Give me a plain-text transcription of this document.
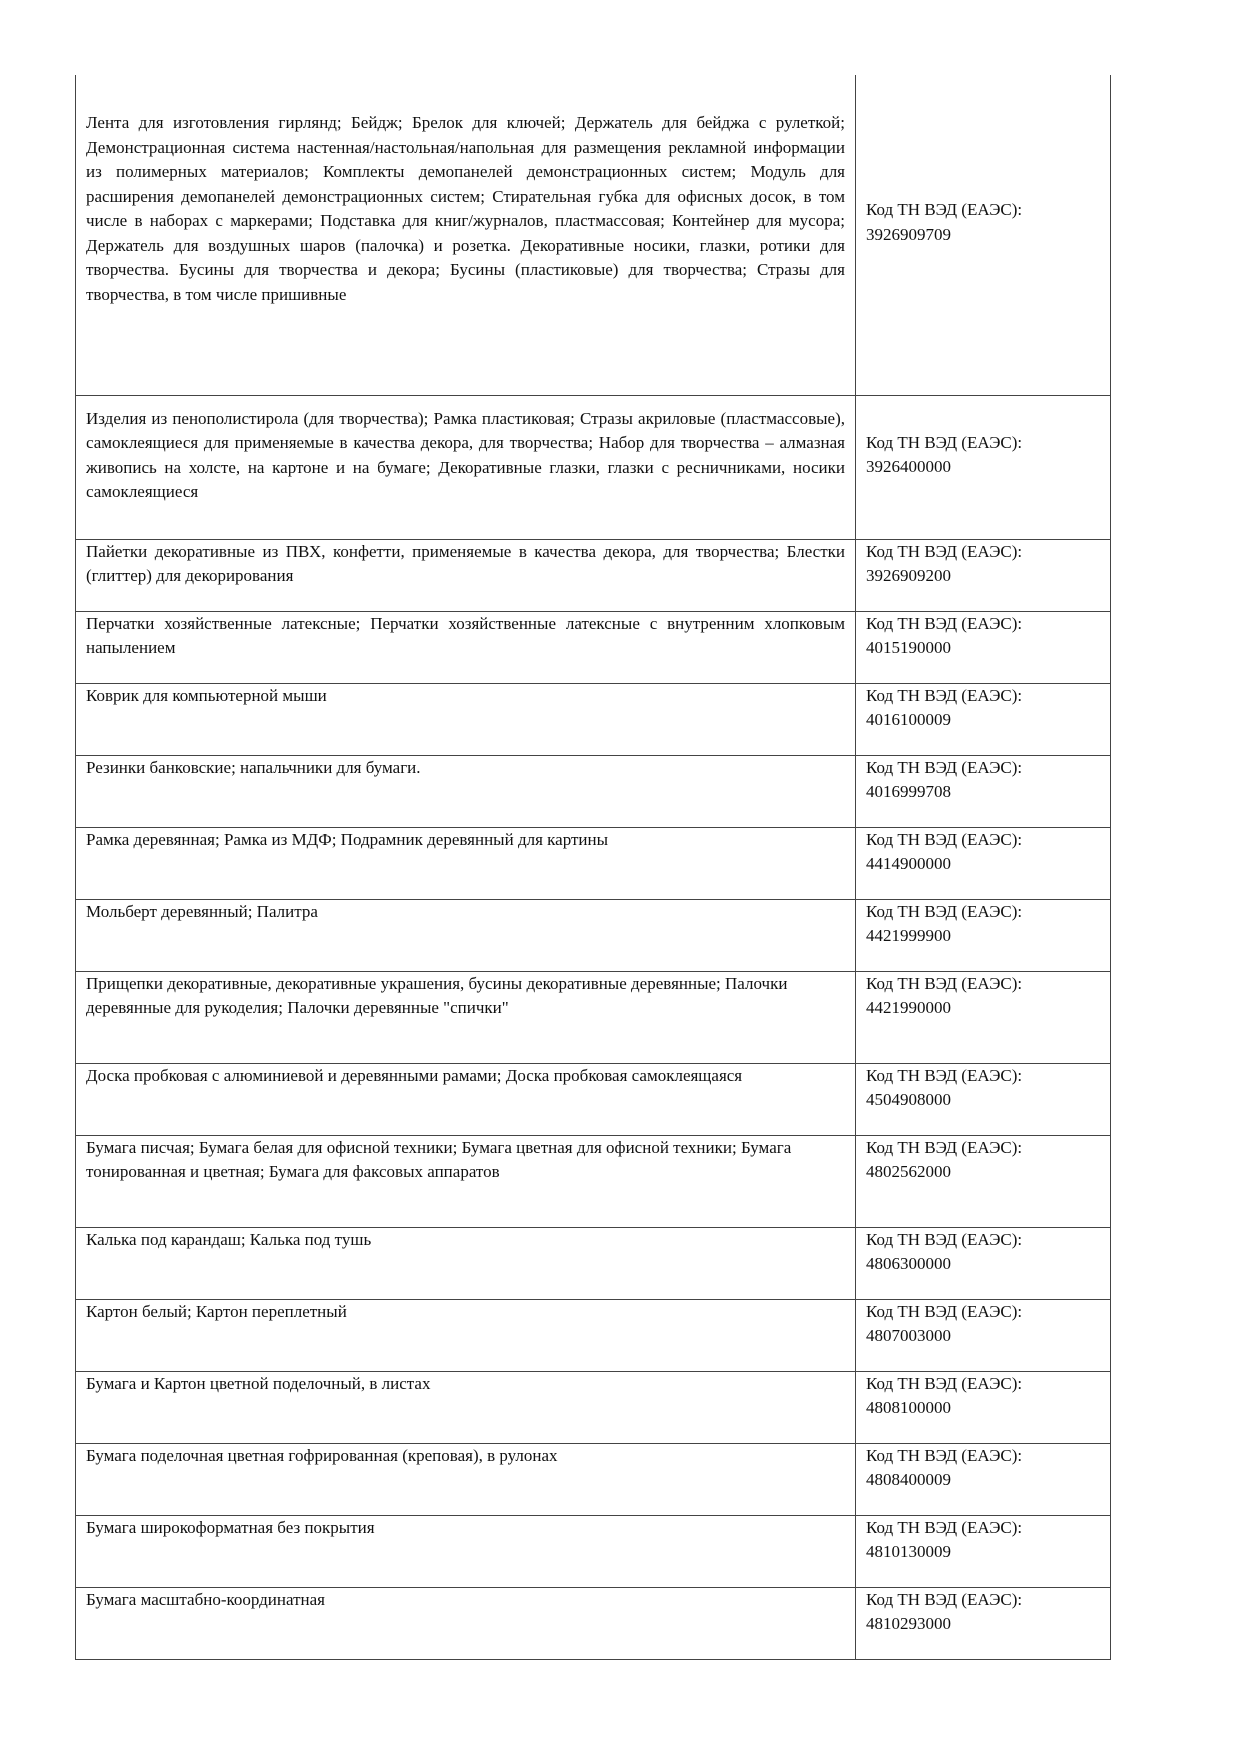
Лента для изготовления гирлянд; Бейдж; Брелок для ключей; Держатель для бейджа с рулеткой; Демонстрационная система настенная/настольная/напольная для размещения рекламной информации из полимерных материалов; Комплекты демопанелей демонстрационных систем; Модуль для расширения демопанелей демонстрационных систем; Стирательная губка для офисных досок, в том числе в наборах с маркерами; Подставка для книг/журналов, пластмассовая; Контейнер для мусора; Держатель для воздушных шаров (палочка) и розетка. Декоративные носики, глазки, ротики для творчества. Бусины для творчества и декора; Бусины (пластиковые) для творчества; Стразы для творчества, в том числе пришивные	Код ТН ВЭД (ЕАЭС):
3926909709

Изделия из пенополистирола (для творчества); Рамка пластиковая; Стразы акриловые (пластмассовые), самоклеящиеся для применяемые в качества декора, для творчества; Набор для творчества – алмазная живопись на холсте, на картоне и на бумаге; Декоративные глазки, глазки с ресничниками, носики самоклеящиеся	Код ТН ВЭД (ЕАЭС):
3926400000

Пайетки декоративные из ПВХ, конфетти, применяемые в качества декора, для творчества; Блестки (глиттер) для декорирования	Код ТН ВЭД (ЕАЭС):
3926909200

Перчатки хозяйственные латексные; Перчатки хозяйственные латексные с внутренним хлопковым напылением	Код ТН ВЭД (ЕАЭС):
4015190000

Коврик для компьютерной мыши	Код ТН ВЭД (ЕАЭС):
4016100009

Резинки банковские; напальчники для бумаги.	Код ТН ВЭД (ЕАЭС):
4016999708

Рамка деревянная; Рамка из МДФ; Подрамник деревянный для картины	Код ТН ВЭД (ЕАЭС):
4414900000

Мольберт деревянный; Палитра	Код ТН ВЭД (ЕАЭС):
4421999900

Прищепки декоративные, декоративные украшения, бусины декоративные деревянные; Палочки деревянные для рукоделия; Палочки деревянные "спички"	Код ТН ВЭД (ЕАЭС):
4421990000

Доска пробковая с алюминиевой и деревянными рамами; Доска пробковая самоклеящаяся	Код ТН ВЭД (ЕАЭС):
4504908000

Бумага писчая; Бумага белая для офисной техники; Бумага цветная для офисной техники; Бумага тонированная и цветная; Бумага для факсовых аппаратов	Код ТН ВЭД (ЕАЭС):
4802562000

Калька под карандаш; Калька под тушь	Код ТН ВЭД (ЕАЭС):
4806300000

Картон белый; Картон переплетный	Код ТН ВЭД (ЕАЭС):
4807003000

Бумага и Картон цветной поделочный, в листах	Код ТН ВЭД (ЕАЭС):
4808100000

Бумага поделочная цветная гофрированная (креповая), в рулонах	Код ТН ВЭД (ЕАЭС):
4808400009

Бумага широкоформатная без покрытия	Код ТН ВЭД (ЕАЭС):
4810130009

Бумага масштабно-координатная	Код ТН ВЭД (ЕАЭС):
4810293000
